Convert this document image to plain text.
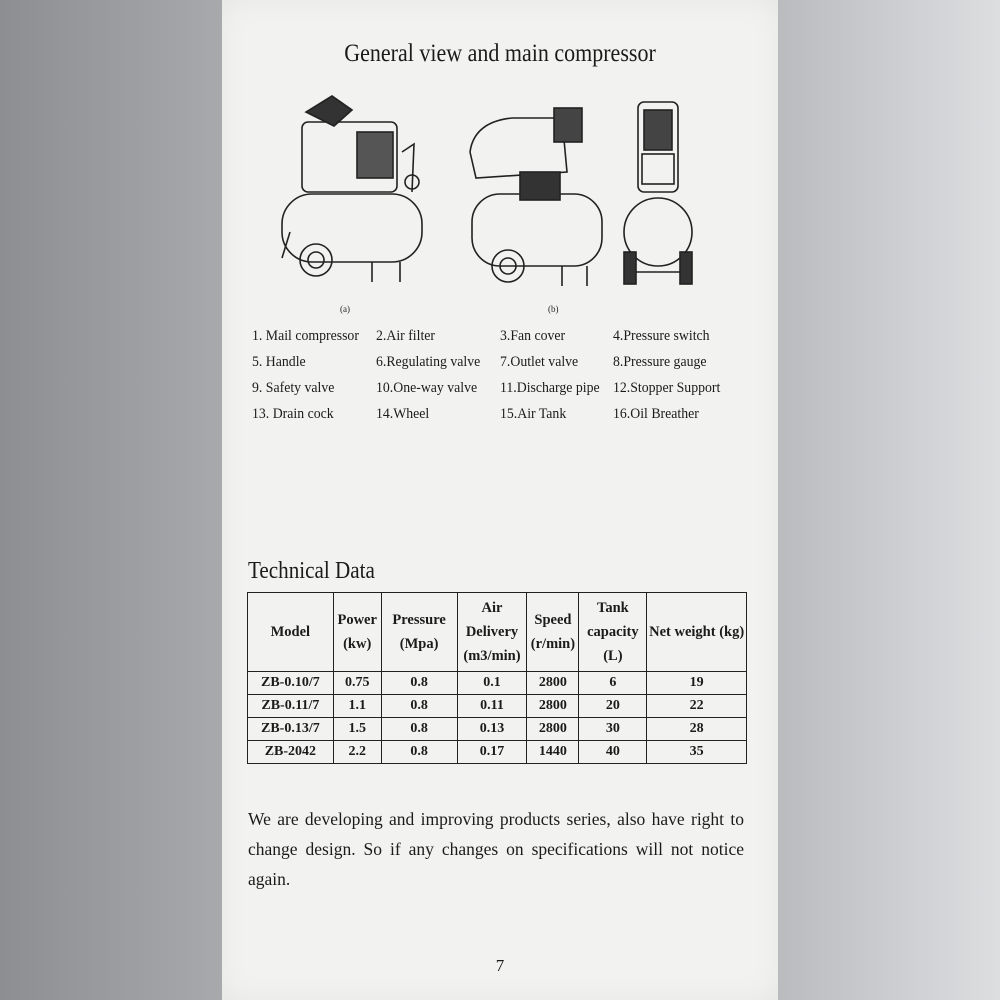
General view and main compressor
(a)	(b)
1. Mail compressor	2.Air filter	3.Fan cover	4.Pressure switch
5. Handle	6.Regulating valve	7.Outlet valve	8.Pressure gauge
9. Safety valve	10.One-way valve	11.Discharge pipe 12.Stopper Support
13. Drain cock	14.Wheel	15.Air Tank	16.Oil Breather
Technical Data
Model	Power (kw)	Pressure (Mpa)	Air Delivery (m3/min)	Speed (r/min)	Tank capacity (L)	Net weight (kg)
ZB-0.10/7	0.75	0.8	0.1	2800	6	19
ZB-0.11/7	1.1	0.8	0.11	2800	20	22
ZB-0.13/7	1.5	0.8	0.13	2800	30	28
ZB-2042	2.2	0.8	0.17	1440	40	35
We are developing and improving products series, also have right to change design. So if any changes on specifications will not notice again.
7
